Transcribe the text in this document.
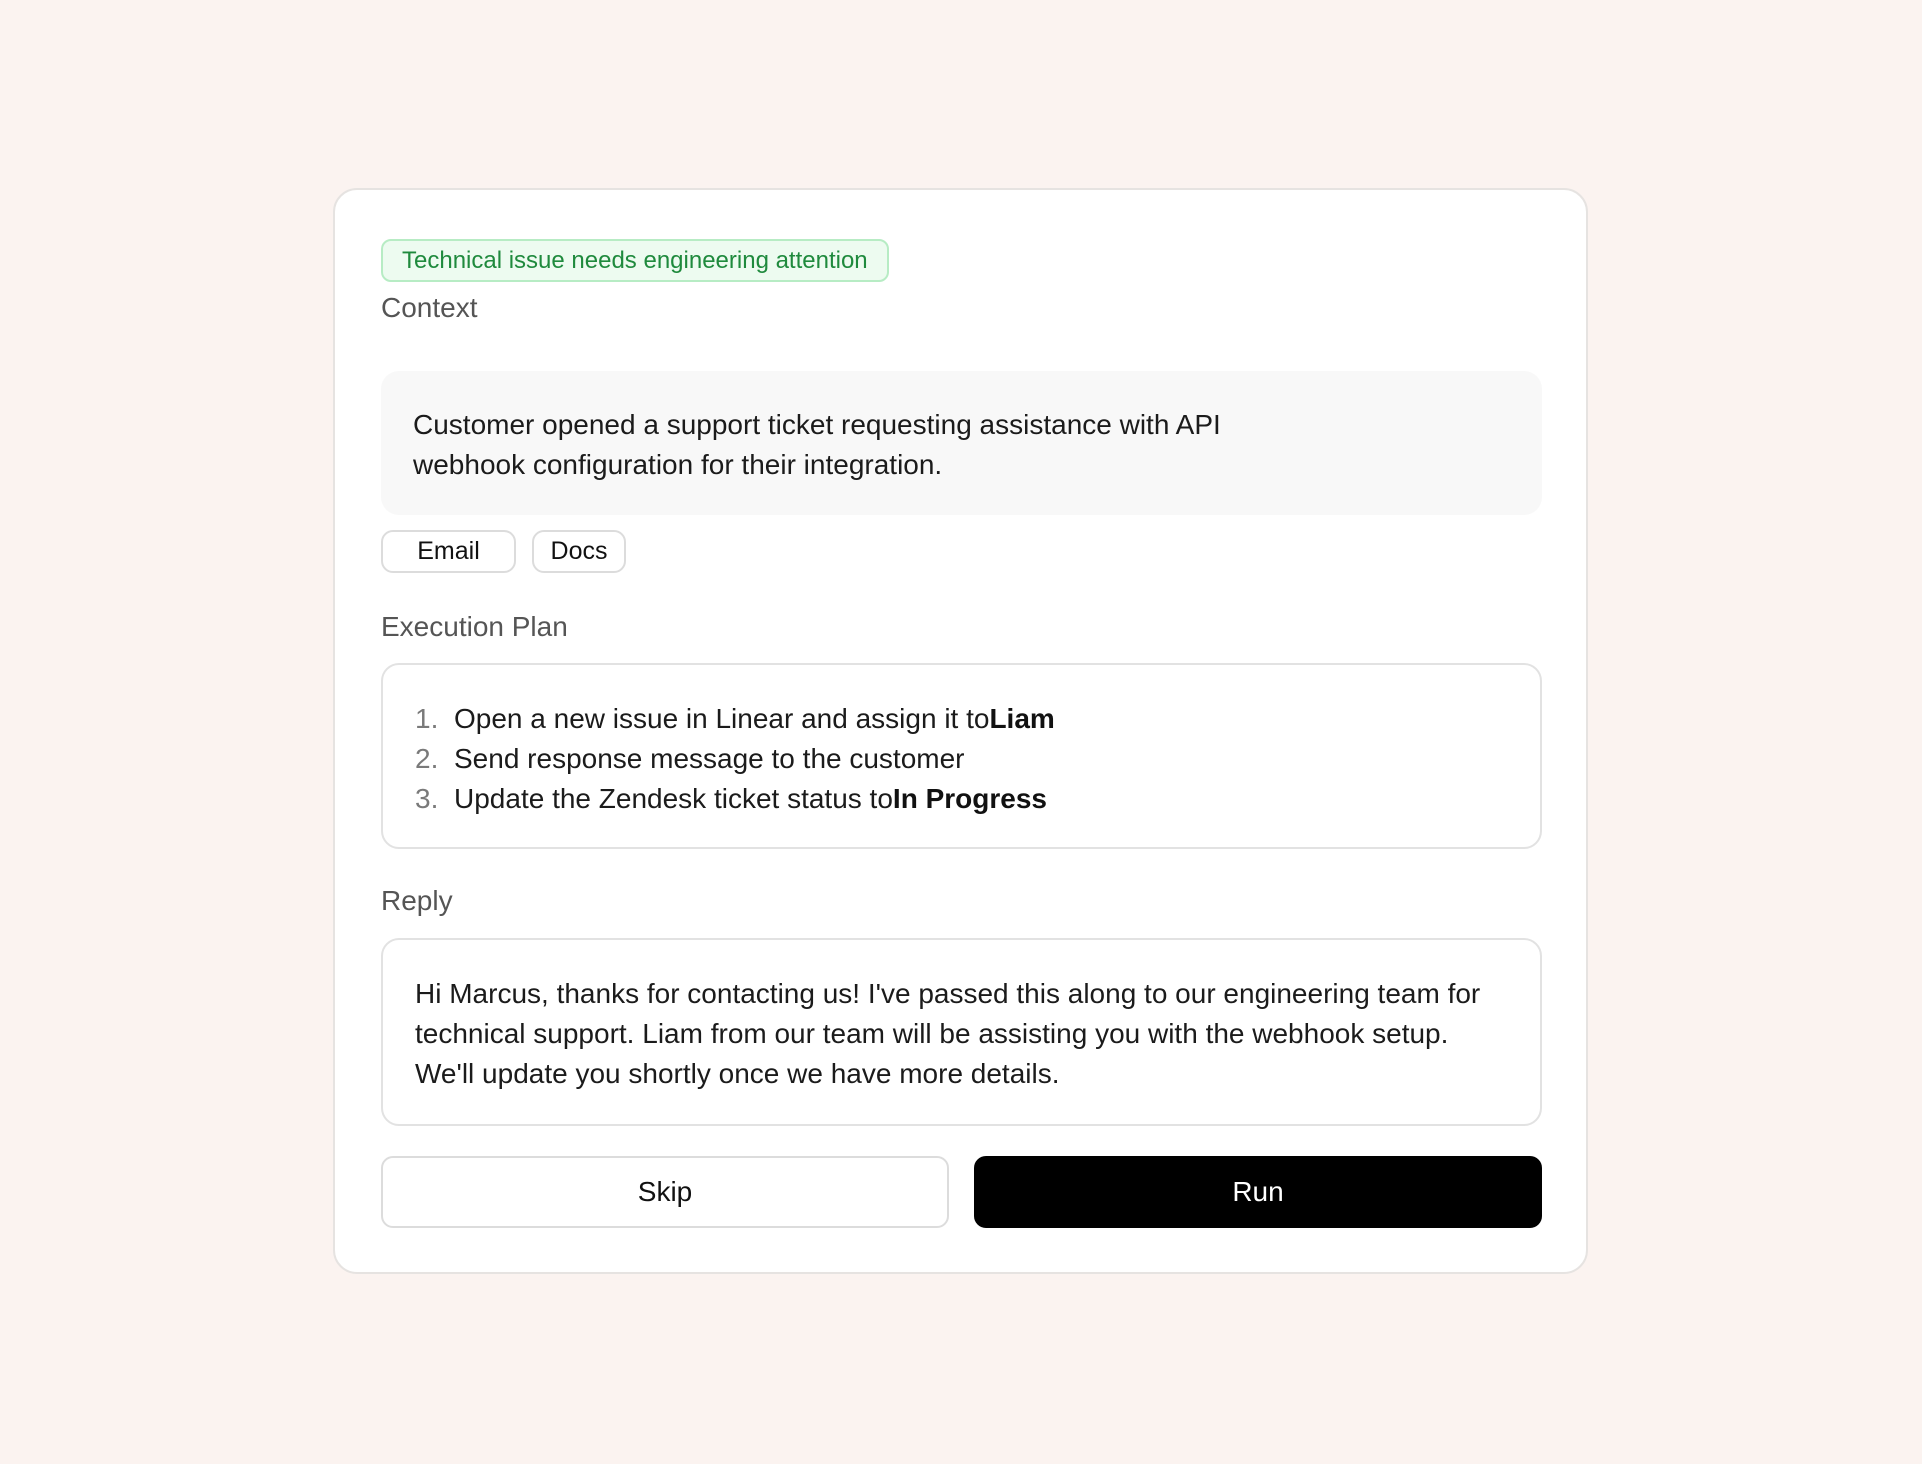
Technical issue needs engineering attention
Context

Customer opened a support ticket requesting assistance with API webhook configuration for their integration.

Email	Docs
Execution Plan
1. Open a new issue in Linear and assign it to Liam
2. Send response message to the customer
3. Update the Zendesk ticket status to In Progress
Reply

Hi Marcus, thanks for contacting us! I've passed this along to our engineering team for technical support. Liam from our team will be assisting you with the webhook setup. We'll update you shortly once we have more details.

Skip	Run
